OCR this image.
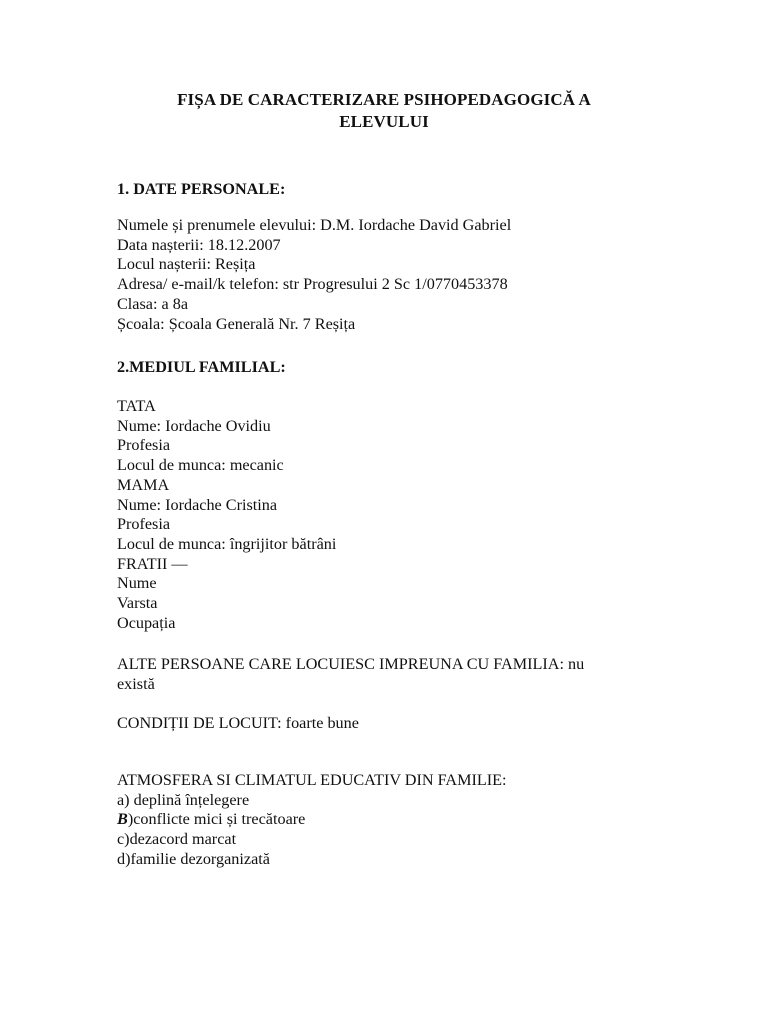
FIȘA DE CARACTERIZARE PSIHOPEDAGOGICĂ A
ELEVULUI
1. DATE PERSONALE:
Numele și prenumele elevului: D.M. Iordache David Gabriel
Data nașterii: 18.12.2007
Locul nașterii: Reșița
Adresa/ e-mail/k telefon: str Progresului 2 Sc 1/0770453378
Clasa: a 8a
Școala: Școala Generală Nr. 7 Reșița
2.MEDIUL FAMILIAL:
TATA
Nume: Iordache Ovidiu
Profesia
Locul de munca: mecanic
MAMA
Nume: Iordache Cristina
Profesia
Locul de munca: îngrijitor bătrâni
FRATII —
Nume
Varsta
Ocupația
ALTE PERSOANE CARE LOCUIESC IMPREUNA CU FAMILIA: nu
există
CONDIȚII DE LOCUIT: foarte bune
ATMOSFERA SI CLIMATUL EDUCATIV DIN FAMILIE:
a) deplină înțelegere
B)conflicte mici și trecătoare
c)dezacord marcat
d)familie dezorganizată
